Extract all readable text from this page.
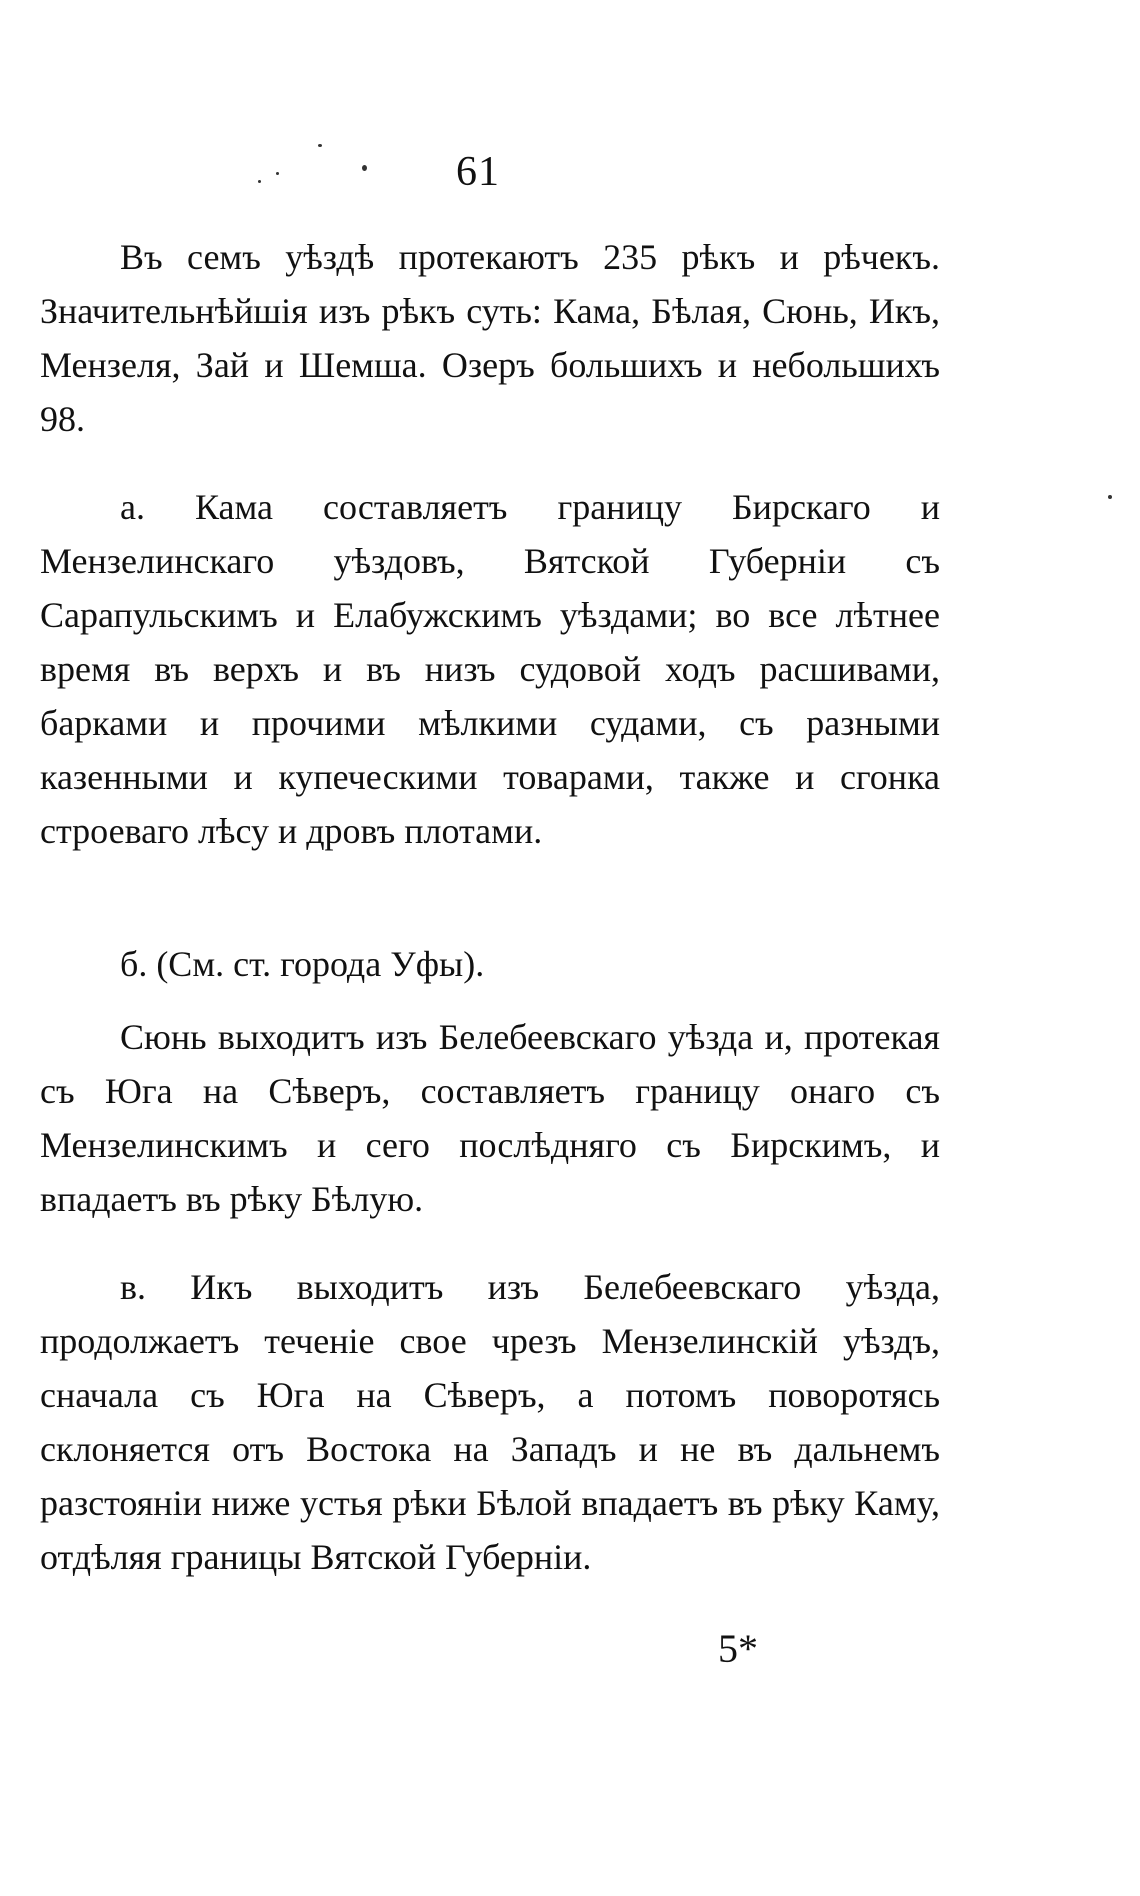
61

Въ семъ уѣздѣ протекаютъ 235 рѣкъ и рѣчекъ. Значительнѣйшія изъ рѣкъ суть: Кама, Бѣлая, Сюнь, Икъ, Мензеля, Зай и Шемша. Озеръ большихъ и небольшихъ 98.

а. Кама составляетъ границу Бирскаго и Мензелинскаго уѣздовъ, Вятской Губерніи съ Сарапульскимъ и Елабужскимъ уѣздами; во все лѣтнее время въ верхъ и въ низъ судовой ходъ расшивами, барками и прочими мѣлкими судами, съ разными казенными и купеческими товарами, также и сгонка строеваго лѣсу и дровъ плотами.

б. (См. ст. города Уфы).

Сюнь выходитъ изъ Белебеевскаго уѣзда и, протекая съ Юга на Сѣверъ, составляетъ границу онаго съ Мензелинскимъ и сего послѣдняго съ Бирскимъ, и впадаетъ въ рѣку Бѣлую.

в. Икъ выходитъ изъ Белебеевскаго уѣзда, продолжаетъ теченіе свое чрезъ Мензелинскій уѣздъ, сначала съ Юга на Сѣверъ, а потомъ поворотясь склоняется отъ Востока на Западъ и не въ дальнемъ разстояніи ниже устья рѣки Бѣлой впадаетъ въ рѣку Каму, отдѣляя границы Вятской Губерніи.

5*
